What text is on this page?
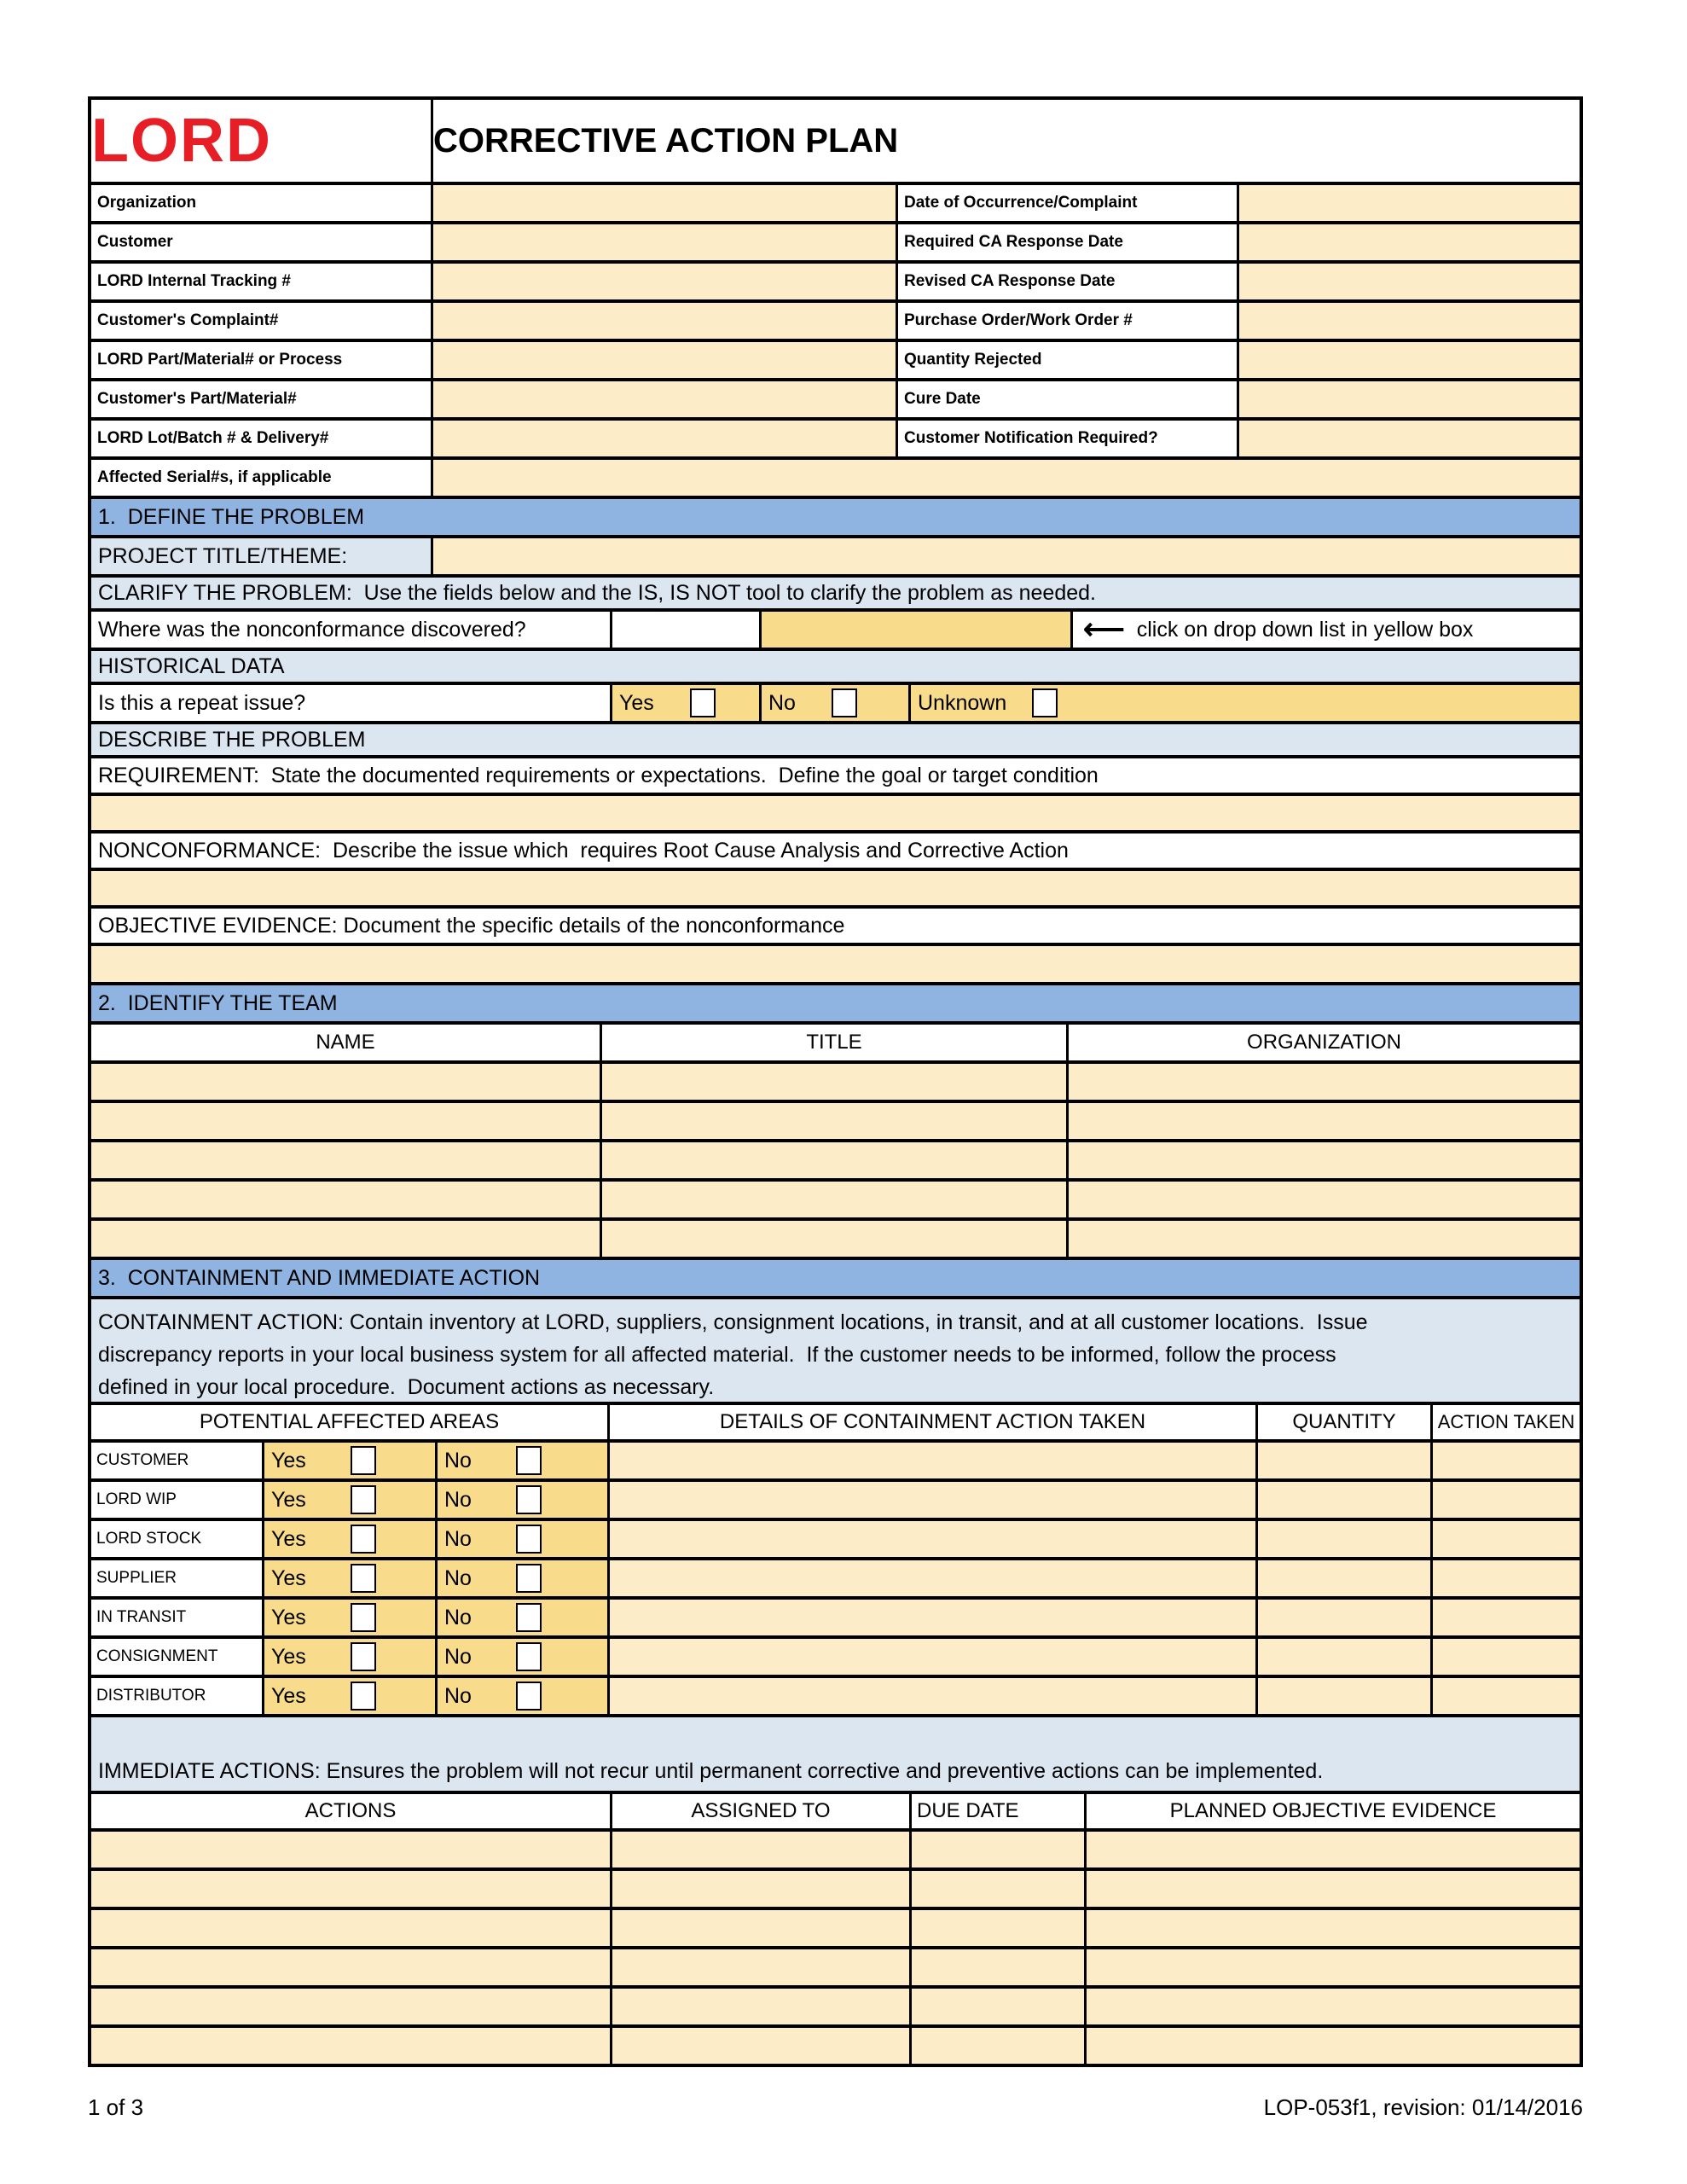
LORD	CORRECTIVE ACTION PLAN
Organization	Date of Occurrence/Complaint
Customer	Required CA Response Date
LORD Internal Tracking #	Revised CA Response Date
Customer's Complaint#	Purchase Order/Work Order #
LORD Part/Material# or Process	Quantity Rejected
Customer's Part/Material#	Cure Date
LORD Lot/Batch # & Delivery#	Customer Notification Required?
Affected Serial#s, if applicable
1.  DEFINE THE PROBLEM
PROJECT TITLE/THEME:
CLARIFY THE PROBLEM:  Use the fields below and the IS, IS NOT tool to clarify the problem as needed.
Where was the nonconformance discovered?	⟵ click on drop down list in yellow box
HISTORICAL DATA
Is this a repeat issue?	Yes	No	Unknown
DESCRIBE THE PROBLEM
REQUIREMENT:  State the documented requirements or expectations.  Define the goal or target condition
NONCONFORMANCE:  Describe the issue which  requires Root Cause Analysis and Corrective Action
OBJECTIVE EVIDENCE: Document the specific details of the nonconformance
2.  IDENTIFY THE TEAM
NAME	TITLE	ORGANIZATION
3.  CONTAINMENT AND IMMEDIATE ACTION
CONTAINMENT ACTION: Contain inventory at LORD, suppliers, consignment locations, in transit, and at all customer locations.  Issue
discrepancy reports in your local business system for all affected material.  If the customer needs to be informed, follow the process
defined in your local procedure.  Document actions as necessary.
POTENTIAL AFFECTED AREAS	DETAILS OF CONTAINMENT ACTION TAKEN	QUANTITY	ACTION TAKEN
CUSTOMER	Yes	No
LORD WIP	Yes	No
LORD STOCK	Yes	No
SUPPLIER	Yes	No
IN TRANSIT	Yes	No
CONSIGNMENT	Yes	No
DISTRIBUTOR	Yes	No
IMMEDIATE ACTIONS: Ensures the problem will not recur until permanent corrective and preventive actions can be implemented.
ACTIONS	ASSIGNED TO	DUE DATE	PLANNED OBJECTIVE EVIDENCE
1 of 3	LOP-053f1, revision: 01/14/2016
